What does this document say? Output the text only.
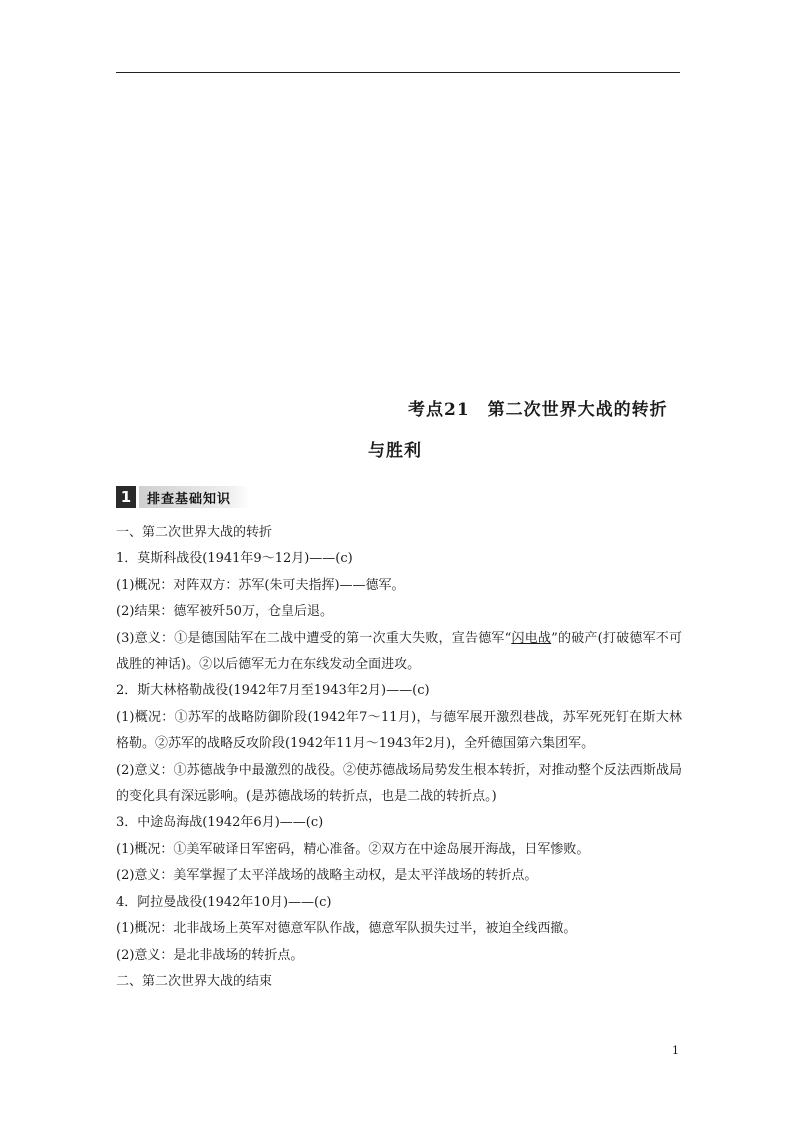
考点21　第二次世界大战的转折
与胜利
1	排查基础知识

一、第二次世界大战的转折

1．莫斯科战役(1941年9～12月)——(c)

(1)概况：对阵双方：苏军(朱可夫指挥)——德军。

(2)结果：德军被歼50万，仓皇后退。

(3)意义：①是德国陆军在二战中遭受的第一次重大失败，宣告德军“闪电战”的破产(打破德军不可战胜的神话)。②以后德军无力在东线发动全面进攻。

2．斯大林格勒战役(1942年7月至1943年2月)——(c)

(1)概况：①苏军的战略防御阶段(1942年7～11月)，与德军展开激烈巷战，苏军死死钉在斯大林格勒。②苏军的战略反攻阶段(1942年11月～1943年2月)，全歼德国第六集团军。

(2)意义：①苏德战争中最激烈的战役。②使苏德战场局势发生根本转折，对推动整个反法西斯战局的变化具有深远影响。(是苏德战场的转折点，也是二战的转折点。)

3．中途岛海战(1942年6月)——(c)

(1)概况：①美军破译日军密码，精心准备。②双方在中途岛展开海战，日军惨败。

(2)意义：美军掌握了太平洋战场的战略主动权，是太平洋战场的转折点。

4．阿拉曼战役(1942年10月)——(c)

(1)概况：北非战场上英军对德意军队作战，德意军队损失过半，被迫全线西撤。

(2)意义：是北非战场的转折点。

二、第二次世界大战的结束

1
